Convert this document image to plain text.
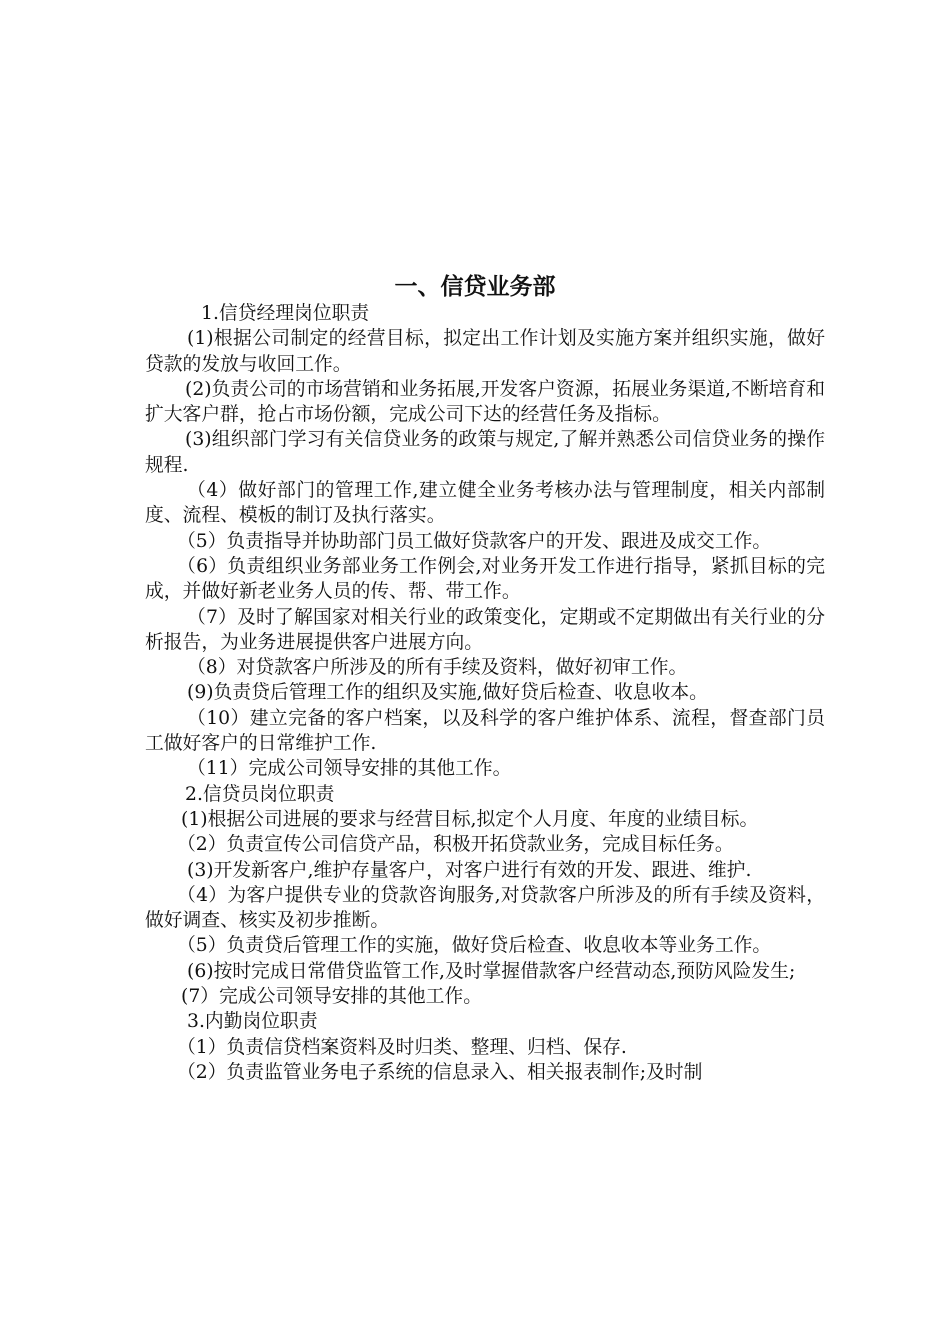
一、信贷业务部

1.信贷经理岗位职责

(1)根据公司制定的经营目标，拟定出工作计划及实施方案并组织实施，做好贷款的发放与收回工作。

(2)负责公司的市场营销和业务拓展,开发客户资源，拓展业务渠道,不断培育和扩大客户群，抢占市场份额，完成公司下达的经营任务及指标。

(3)组织部门学习有关信贷业务的政策与规定,了解并熟悉公司信贷业务的操作规程.

（4）做好部门的管理工作,建立健全业务考核办法与管理制度，相关内部制度、流程、模板的制订及执行落实。

（5）负责指导并协助部门员工做好贷款客户的开发、跟进及成交工作。

（6）负责组织业务部业务工作例会,对业务开发工作进行指导，紧抓目标的完成，并做好新老业务人员的传、帮、带工作。

（7）及时了解国家对相关行业的政策变化，定期或不定期做出有关行业的分析报告，为业务进展提供客户进展方向。

（8）对贷款客户所涉及的所有手续及资料，做好初审工作。

(9)负责贷后管理工作的组织及实施,做好贷后检查、收息收本。

（10）建立完备的客户档案，以及科学的客户维护体系、流程，督查部门员工做好客户的日常维护工作.

（11）完成公司领导安排的其他工作。

2.信贷员岗位职责

(1)根据公司进展的要求与经营目标,拟定个人月度、年度的业绩目标。

（2）负责宣传公司信贷产品，积极开拓贷款业务，完成目标任务。

(3)开发新客户,维护存量客户，对客户进行有效的开发、跟进、维护.

（4）为客户提供专业的贷款咨询服务,对贷款客户所涉及的所有手续及资料，做好调查、核实及初步推断。

（5）负责贷后管理工作的实施，做好贷后检查、收息收本等业务工作。

(6)按时完成日常借贷监管工作,及时掌握借款客户经营动态,预防风险发生;

(7）完成公司领导安排的其他工作。

3.内勤岗位职责

（1）负责信贷档案资料及时归类、整理、归档、保存.

（2）负责监管业务电子系统的信息录入、相关报表制作;及时制
